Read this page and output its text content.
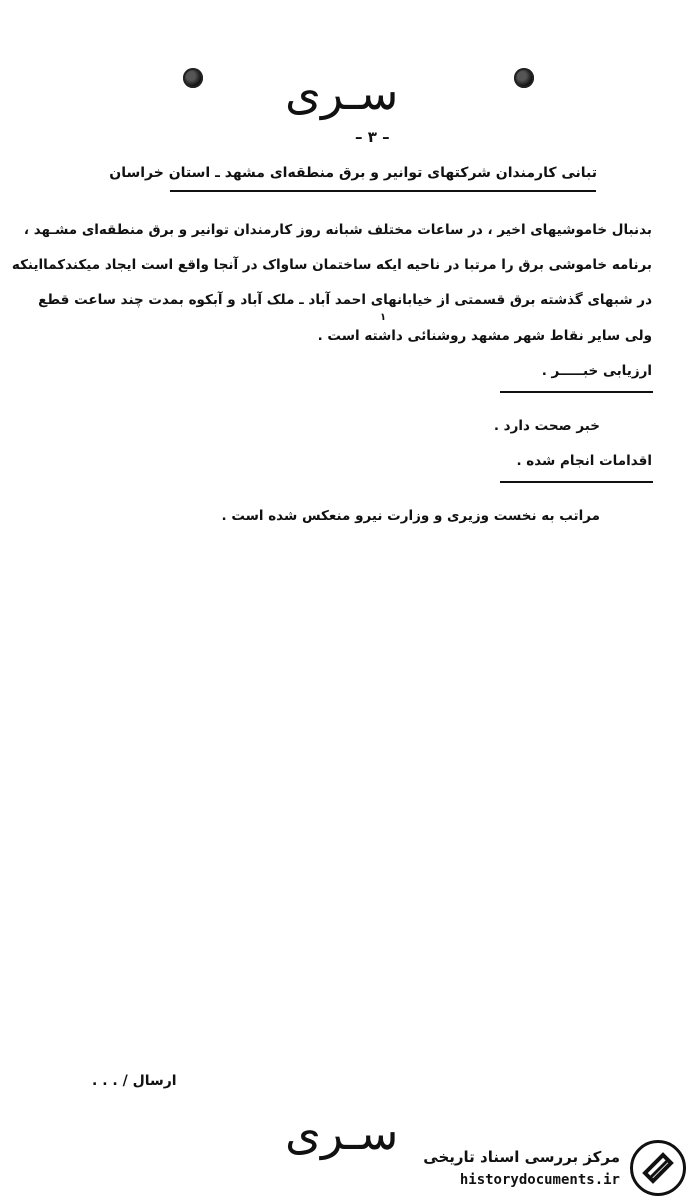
سـری
– ۳ –
تبانی کارمندان شرکتهای توانیر و برق منطقه‌ای مشهد ـ استان خراسان
بدنبال خاموشیهای اخیر ، در ساعات مختلف شبانه روز کارمندان توانیر و برق منطقه‌ای مشـهد ،
برنامه خاموشی برق را مرتبا در ناحیه ایکه ساختمان ساواک در آنجا واقع است ایجاد میکندکمااینکه
در شبهای گذشته برق قسمتی از خیابانهای احمد آباد ـ ملک آباد و آبکوه بمدت چند ساعت قطع
۱
ولی سایر نقاط شهر مشهد روشنائی داشته است .
ارزیابی خبـــــر .
خبر صحت دارد .
اقدامات انجام شده .
مراتب به نخست وزیری و وزارت نیرو منعکس شده است .
ارسال / . . .
سـری مرکز بررسی اسناد تاریخی
historydocuments.ir
